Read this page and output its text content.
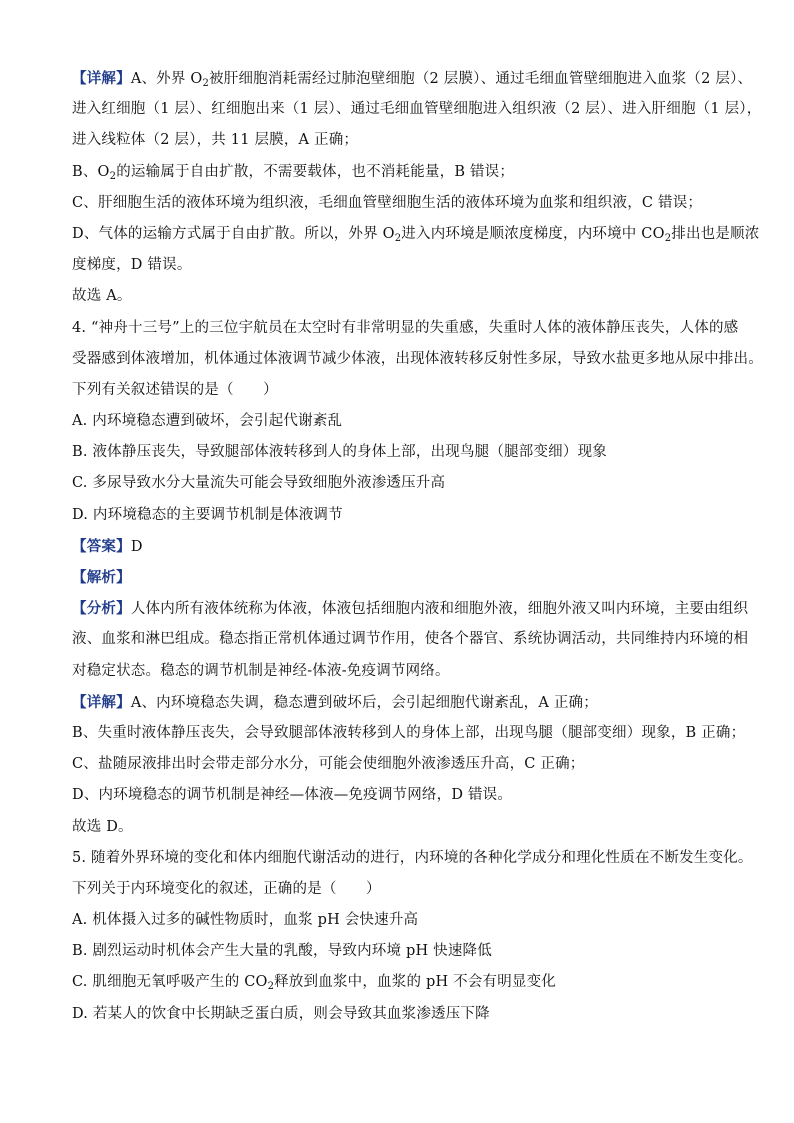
【详解】A、外界 $O_2$被肝细胞消耗需经过肺泡壁细胞（2 层膜）、通过毛细血管壁细胞进入血浆（2 层）、
进入红细胞（1 层）、红细胞出来（1 层）、通过毛细血管壁细胞进入组织液（2 层）、进入肝细胞（1 层），
进入线粒体（2 层），共 11 层膜，A 正确；
B、$O_2$的运输属于自由扩散，不需要载体，也不消耗能量，B 错误；
C、肝细胞生活的液体环境为组织液，毛细血管壁细胞生活的液体环境为血浆和组织液，C 错误；
D、气体的运输方式属于自由扩散。所以，外界 $O_2$进入内环境是顺浓度梯度，内环境中 $CO_2$排出也是顺浓
度梯度，D 错误。
故选 A。
4. “神舟十三号”上的三位宇航员在太空时有非常明显的失重感，失重时人体的液体静压丧失，人体的感
受器感到体液增加，机体通过体液调节减少体液，出现体液转移反射性多尿，导致水盐更多地从尿中排出。
下列有关叙述错误的是（　　）
A. 内环境稳态遭到破坏，会引起代谢紊乱
B. 液体静压丧失，导致腿部体液转移到人的身体上部，出现鸟腿（腿部变细）现象
C. 多尿导致水分大量流失可能会导致细胞外液渗透压升高
D. 内环境稳态的主要调节机制是体液调节
【答案】D
【解析】
【分析】人体内所有液体统称为体液，体液包括细胞内液和细胞外液，细胞外液又叫内环境，主要由组织
液、血浆和淋巴组成。稳态指正常机体通过调节作用，使各个器官、系统协调活动，共同维持内环境的相
对稳定状态。稳态的调节机制是神经-体液-免疫调节网络。
【详解】A、内环境稳态失调，稳态遭到破坏后，会引起细胞代谢紊乱，A 正确；
B、失重时液体静压丧失，会导致腿部体液转移到人的身体上部，出现鸟腿（腿部变细）现象，B 正确；
C、盐随尿液排出时会带走部分水分，可能会使细胞外液渗透压升高，C 正确；
D、内环境稳态的调节机制是神经—体液—免疫调节网络，D 错误。
故选 D。
5. 随着外界环境的变化和体内细胞代谢活动的进行，内环境的各种化学成分和理化性质在不断发生变化。
下列关于内环境变化的叙述，正确的是（　　）
A. 机体摄入过多的碱性物质时，血浆 pH 会快速升高
B. 剧烈运动时机体会产生大量的乳酸，导致内环境 pH 快速降低
C. 肌细胞无氧呼吸产生的 $CO_2$释放到血浆中，血浆的 pH 不会有明显变化
D. 若某人的饮食中长期缺乏蛋白质，则会导致其血浆渗透压下降
